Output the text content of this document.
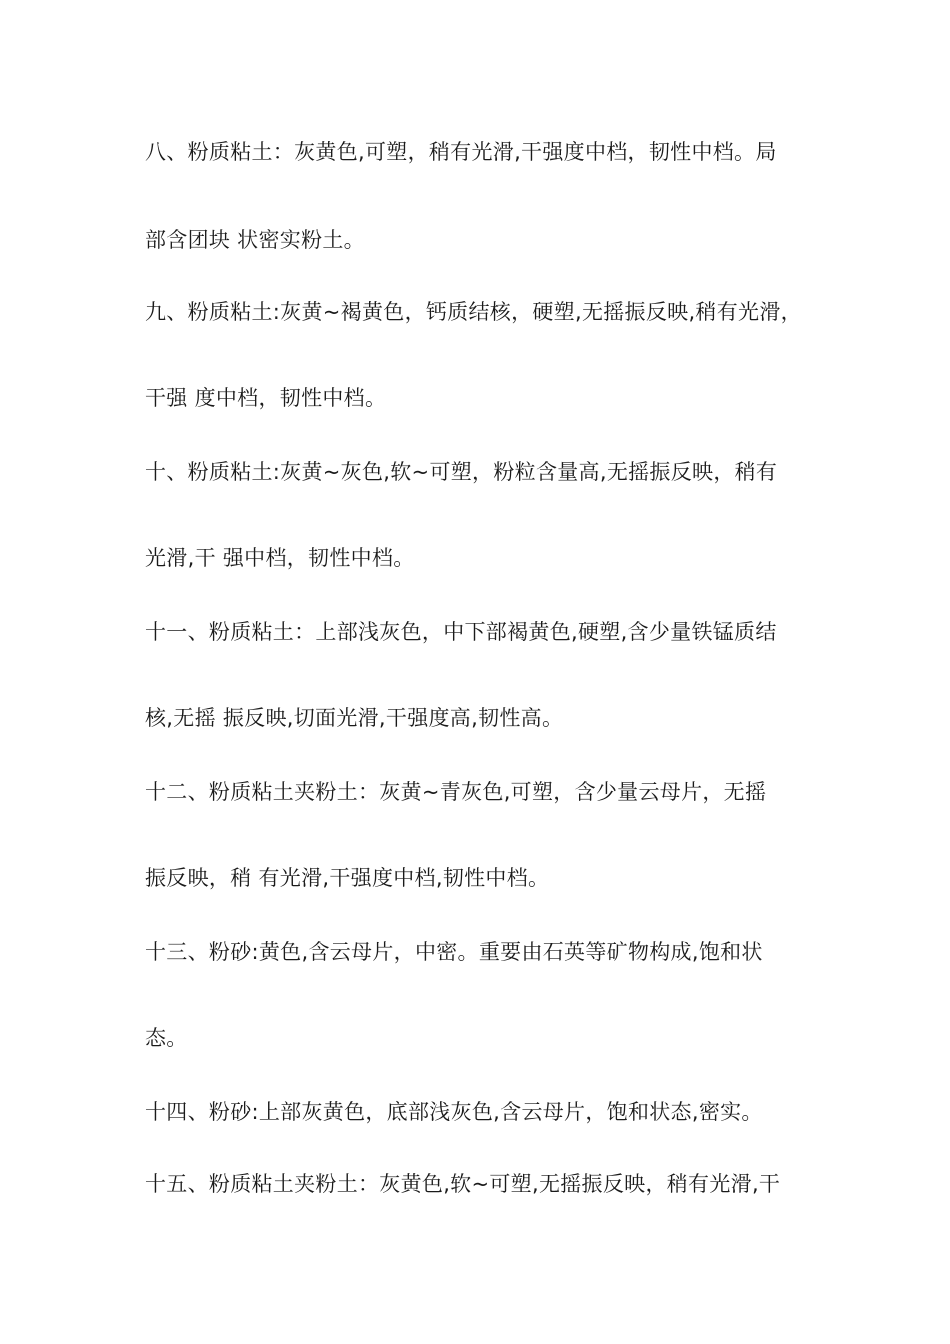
八、粉质粘土：灰黄色,可塑，稍有光滑,干强度中档，韧性中档。局
部含团块 状密实粉土。
九、粉质粘土:灰黄~褐黄色，钙质结核，硬塑,无摇振反映,稍有光滑，
干强 度中档，韧性中档。
十、粉质粘土:灰黄~灰色,软~可塑，粉粒含量高,无摇振反映，稍有
光滑,干 强中档，韧性中档。
十一、粉质粘土：上部浅灰色，中下部褐黄色,硬塑,含少量铁锰质结
核,无摇 振反映,切面光滑,干强度高,韧性高。
十二、粉质粘土夹粉土：灰黄~青灰色,可塑，含少量云母片，无摇
振反映，稍 有光滑,干强度中档,韧性中档。
十三、粉砂:黄色,含云母片，中密。重要由石英等矿物构成,饱和状
态。
十四、粉砂:上部灰黄色，底部浅灰色,含云母片，饱和状态,密实。
十五、粉质粘土夹粉土：灰黄色,软~可塑,无摇振反映，稍有光滑,干
